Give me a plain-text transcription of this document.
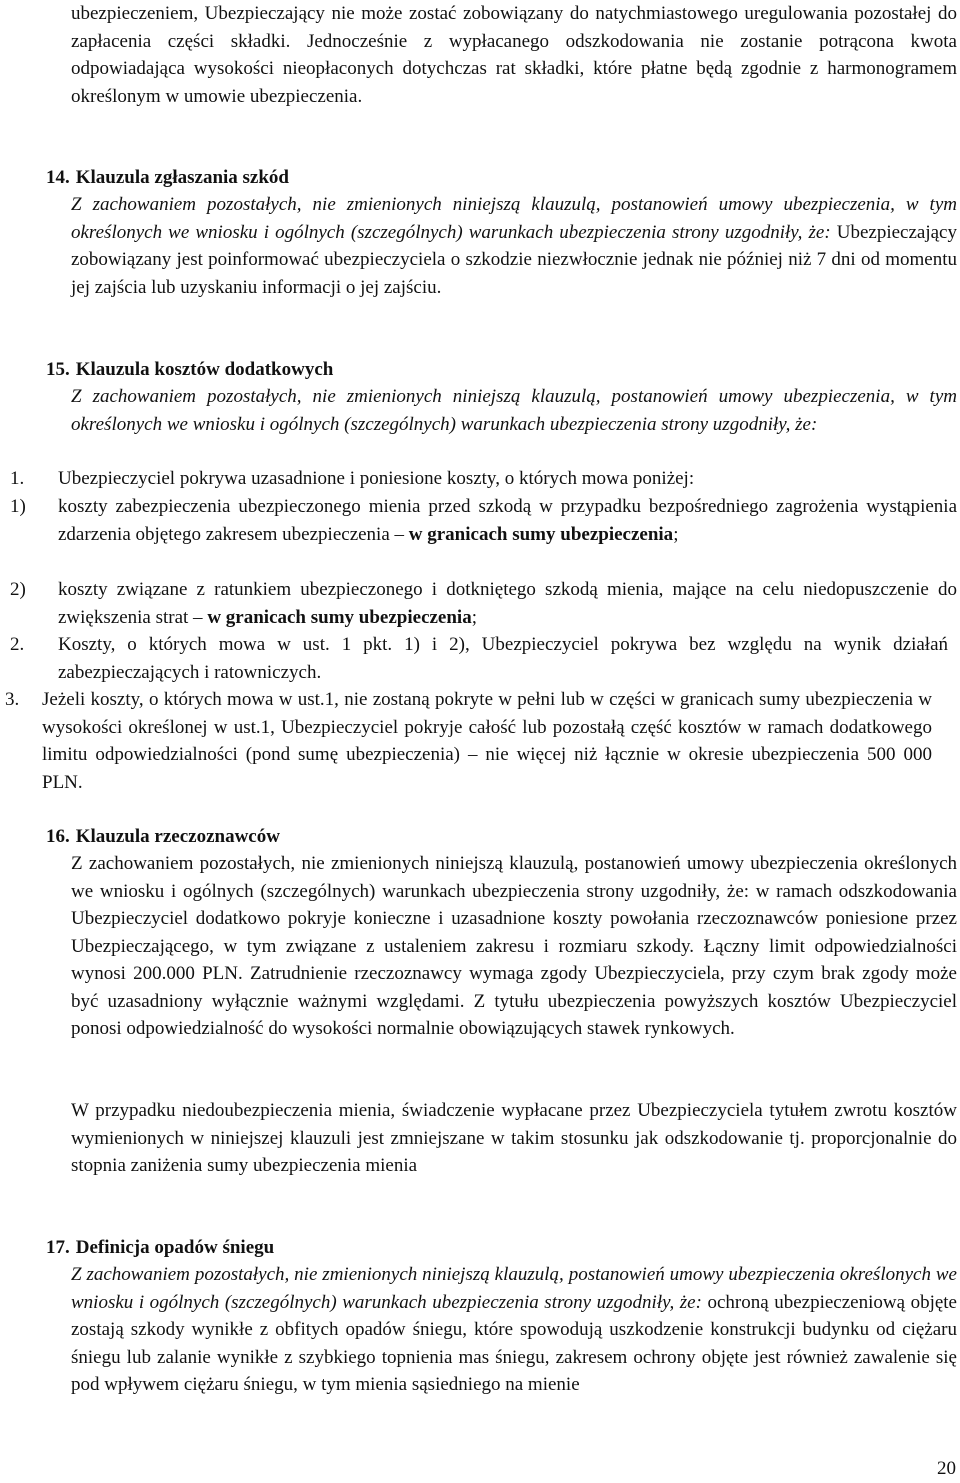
ubezpieczeniem, Ubezpieczający nie może zostać zobowiązany do natychmiastowego uregulowania pozostałej do zapłacenia części składki. Jednocześnie z wypłacanego odszkodowania nie zostanie potrącona kwota odpowiadająca wysokości nieopłaconych dotychczas rat składki, które płatne będą zgodnie z harmonogramem określonym w umowie ubezpieczenia.
14. Klauzula zgłaszania szkód
Z zachowaniem pozostałych, nie zmienionych niniejszą klauzulą, postanowień umowy ubezpieczenia, w tym określonych we wniosku i ogólnych (szczególnych) warunkach ubezpieczenia strony uzgodniły, że: Ubezpieczający zobowiązany jest poinformować ubezpieczyciela o szkodzie niezwłocznie jednak nie później niż 7 dni od momentu jej zajścia lub uzyskaniu informacji o jej zajściu.
15. Klauzula kosztów dodatkowych
Z zachowaniem pozostałych, nie zmienionych niniejszą klauzulą, postanowień umowy ubezpieczenia, w tym określonych we wniosku i ogólnych (szczególnych) warunkach ubezpieczenia strony uzgodniły, że:
1. Ubezpieczyciel pokrywa uzasadnione i poniesione koszty, o których mowa poniżej:
1) koszty zabezpieczenia ubezpieczonego mienia przed szkodą w przypadku bezpośredniego zagrożenia wystąpienia zdarzenia objętego zakresem ubezpieczenia – w granicach sumy ubezpieczenia;
2) koszty związane z ratunkiem ubezpieczonego i dotkniętego szkodą mienia, mające na celu niedopuszczenie do zwiększenia strat – w granicach sumy ubezpieczenia;
2. Koszty, o których mowa w ust. 1 pkt. 1) i 2), Ubezpieczyciel pokrywa bez względu na wynik działań zabezpieczających i ratowniczych.
3. Jeżeli koszty, o których mowa w ust.1, nie zostaną pokryte w pełni lub w części w granicach sumy ubezpieczenia w wysokości określonej w ust.1, Ubezpieczyciel pokryje całość lub pozostałą część kosztów w ramach dodatkowego limitu odpowiedzialności (pond sumę ubezpieczenia) – nie więcej niż łącznie w okresie ubezpieczenia 500 000 PLN.
16. Klauzula rzeczoznawców
Z zachowaniem pozostałych, nie zmienionych niniejszą klauzulą, postanowień umowy ubezpieczenia określonych we wniosku i ogólnych (szczególnych) warunkach ubezpieczenia strony uzgodniły, że: w ramach odszkodowania Ubezpieczyciel dodatkowo pokryje konieczne i uzasadnione koszty powołania rzeczoznawców poniesione przez Ubezpieczającego, w tym związane z ustaleniem zakresu i rozmiaru szkody. Łączny limit odpowiedzialności wynosi 200.000 PLN. Zatrudnienie rzeczoznawcy wymaga zgody Ubezpieczyciela, przy czym brak zgody może być uzasadniony wyłącznie ważnymi względami. Z tytułu ubezpieczenia powyższych kosztów Ubezpieczyciel ponosi odpowiedzialność do wysokości normalnie obowiązujących stawek rynkowych.
W przypadku niedoubezpieczenia mienia, świadczenie wypłacane przez Ubezpieczyciela tytułem zwrotu kosztów wymienionych w niniejszej klauzuli jest zmniejszane w takim stosunku jak odszkodowanie tj. proporcjonalnie do stopnia zaniżenia sumy ubezpieczenia mienia
17. Definicja opadów śniegu
Z zachowaniem pozostałych, nie zmienionych niniejszą klauzulą, postanowień umowy ubezpieczenia określonych we wniosku i ogólnych (szczególnych) warunkach ubezpieczenia strony uzgodniły, że: ochroną ubezpieczeniową objęte zostają szkody wynikłe z obfitych opadów śniegu, które spowodują uszkodzenie konstrukcji budynku od ciężaru śniegu lub zalanie wynikłe z szybkiego topnienia mas śniegu, zakresem ochrony objęte jest również zawalenie się pod wpływem ciężaru śniegu, w tym mienia sąsiedniego na mienie
20
